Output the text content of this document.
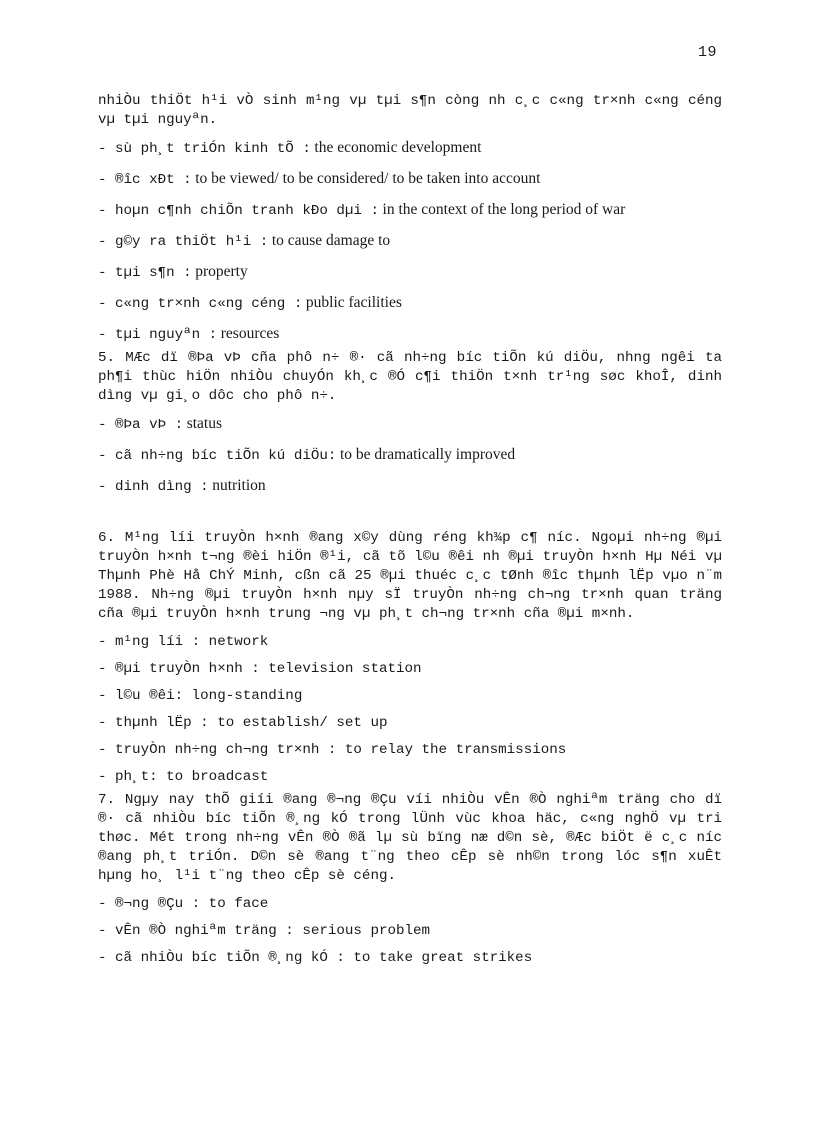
19

nhiÒu thiÖt h¹i vÒ sinh m¹ng vµ tµi s¶n còng nh c¸c c«ng tr×nh c«ng céng vµ tµi nguyªn.

- sù ph¸t triÓn kinh tÕ : the economic development
- ®îc xÐt : to be viewed/ to be considered/ to be taken into account
- hoµn c¶nh chiÕn tranh kÐo dµi : in the context of the long period of war
- g©y ra thiÖt h¹i : to cause damage to
- tµi s¶n : property
- c«ng tr×nh c«ng céng : public facilities
- tµi nguyªn : resources

5. MÆc dï ®Þa vÞ cña phô n÷ ®· cã nh÷ng bíc tiÕn kú diÖu, nhng ngêi ta ph¶i thùc hiÖn nhiÒu chuyÓn kh¸c ®Ó c¶i thiÖn t×nh tr¹ng søc khoÎ, dinh dìng vµ gi¸o dôc cho phô n÷.

- ®Þa vÞ : status
- cã nh÷ng bíc tiÕn kú diÖu: to be dramatically improved
- dinh dìng : nutrition

6. M¹ng líi truyÒn h×nh ®ang x©y dùng réng kh¾p c¶ níc. Ngoµi nh÷ng ®µi truyÒn h×nh t¬ng ®èi hiÖn ®¹i, cã tõ l©u ®êi nh ®µi truyÒn h×nh Hµ Néi vµ Thµnh Phè Hå ChÝ Minh, cßn cã 25 ®µi thuéc c¸c tØnh ®îc thµnh lËp vµo n¨m 1988. Nh÷ng ®µi truyÒn h×nh nµy sÏ truyÒn nh÷ng ch¬ng tr×nh quan träng cña ®µi truyÒn h×nh trung ¬ng vµ ph¸t ch¬ng tr×nh cña ®µi m×nh.

- m¹ng líi : network
- ®µi truyÒn h×nh : television station
- l©u ®êi: long-standing
- thµnh lËp : to establish/ set up
- truyÒn nh÷ng ch¬ng tr×nh : to relay the transmissions
- ph¸t: to broadcast

7. Ngµy nay thÕ giíi ®ang ®¬ng ®Çu víi nhiÒu vÊn ®Ò nghiªm träng cho dï ®· cã nhiÒu bíc tiÕn ®¸ng kÓ trong lÜnh vùc khoa häc, c«ng nghÖ vµ tri thøc. Mét trong nh÷ng vÊn ®Ò ®ã lµ sù bïng næ d©n sè, ®Æc biÖt ë c¸c níc ®ang ph¸t triÓn. D©n sè ®ang t¨ng theo cÊp sè nh©n trong lóc s¶n xuÊt hµng ho¸ l¹i t¨ng theo cÊp sè céng.

- ®¬ng ®Çu : to face
- vÊn ®Ò nghiªm träng : serious problem
- cã nhiÒu bíc tiÕn ®¸ng kÓ : to take great strikes
